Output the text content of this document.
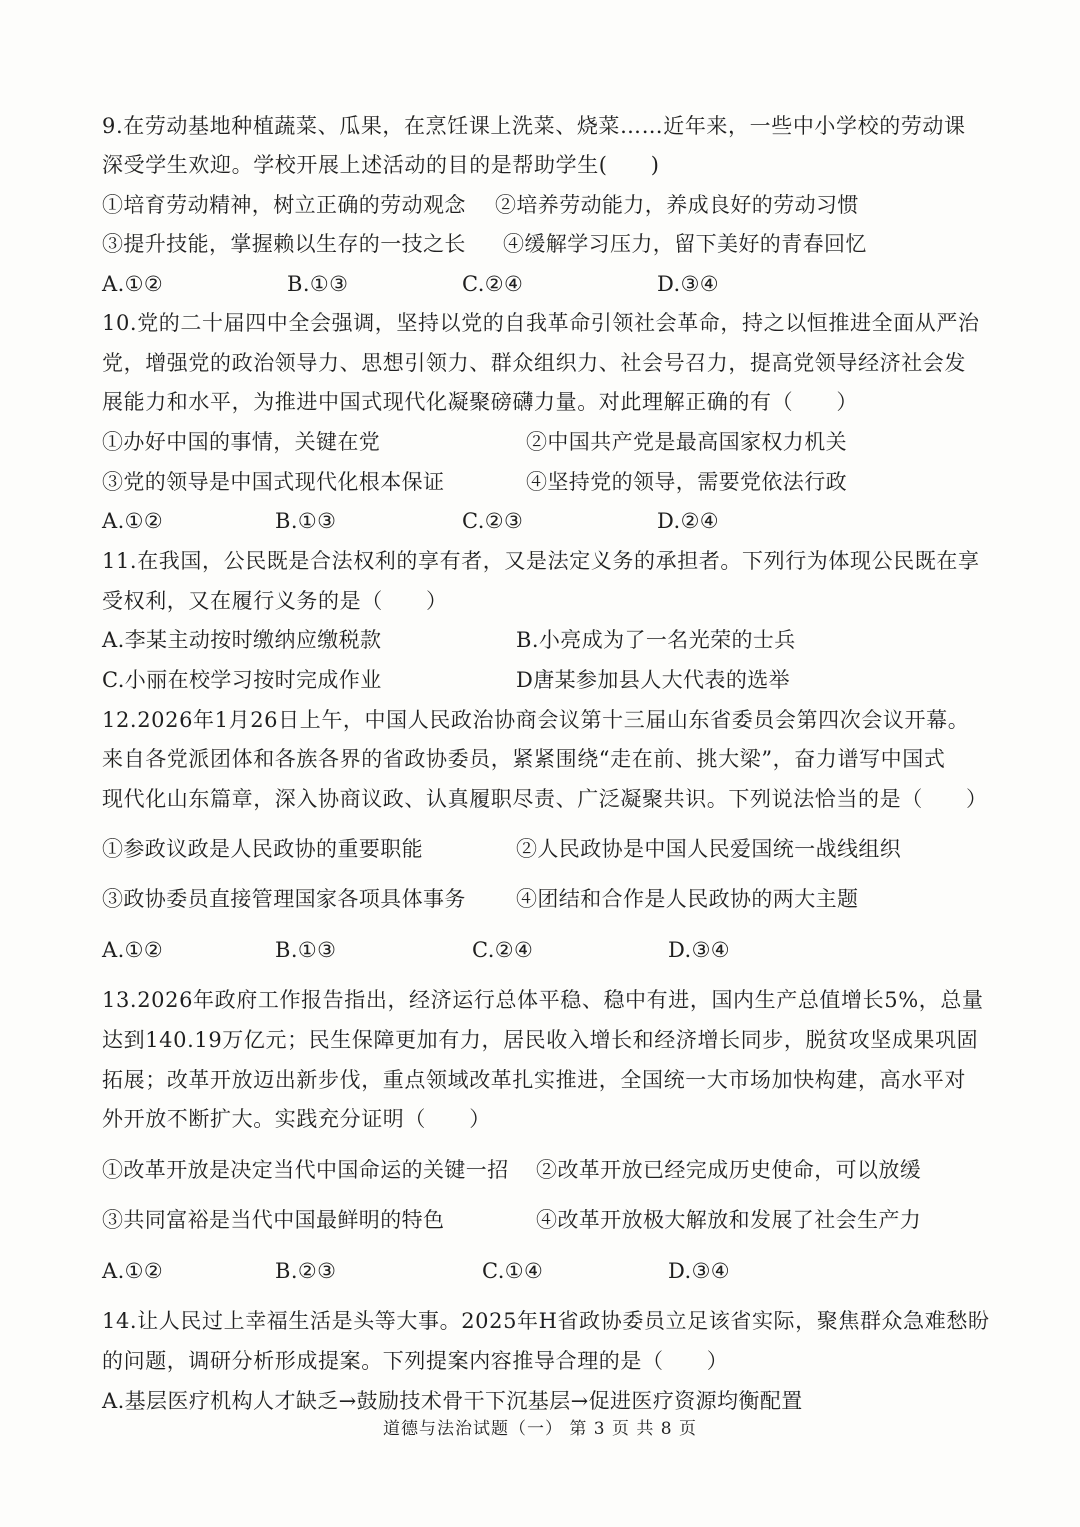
9.在劳动基地种植蔬菜、瓜果，在烹饪课上洗菜、烧菜……近年来，一些中小学校的劳动课
深受学生欢迎。学校开展上述活动的目的是帮助学生(　　)
①培育劳动精神，树立正确的劳动观念 ②培养劳动能力，养成良好的劳动习惯
③提升技能，掌握赖以生存的一技之长 ④缓解学习压力，留下美好的青春回忆
A.①②	B.①③	C.②④	D.③④
10.党的二十届四中全会强调，坚持以党的自我革命引领社会革命，持之以恒推进全面从严治
党，增强党的政治领导力、思想引领力、群众组织力、社会号召力，提高党领导经济社会发
展能力和水平，为推进中国式现代化凝聚磅礴力量。对此理解正确的有（　　）
①办好中国的事情，关键在党	②中国共产党是最高国家权力机关
③党的领导是中国式现代化根本保证	④坚持党的领导，需要党依法行政
A.①②	B.①③	C.②③	D.②④
11.在我国，公民既是合法权利的享有者，又是法定义务的承担者。下列行为体现公民既在享
受权利，又在履行义务的是（　　）
A.李某主动按时缴纳应缴税款	B.小亮成为了一名光荣的士兵
C.小丽在校学习按时完成作业	D唐某参加县人大代表的选举
12.2026年1月26日上午，中国人民政治协商会议第十三届山东省委员会第四次会议开幕。
来自各党派团体和各族各界的省政协委员，紧紧围绕“走在前、挑大梁”，奋力谱写中国式
现代化山东篇章，深入协商议政、认真履职尽责、广泛凝聚共识。下列说法恰当的是（　　）
①参政议政是人民政协的重要职能	②人民政协是中国人民爱国统一战线组织
③政协委员直接管理国家各项具体事务 ④团结和合作是人民政协的两大主题
A.①②	B.①③	C.②④	D.③④
13.2026年政府工作报告指出，经济运行总体平稳、稳中有进，国内生产总值增长5%，总量
达到140.19万亿元；民生保障更加有力，居民收入增长和经济增长同步，脱贫攻坚成果巩固
拓展；改革开放迈出新步伐，重点领域改革扎实推进，全国统一大市场加快构建，高水平对
外开放不断扩大。实践充分证明（　　）
①改革开放是决定当代中国命运的关键一招 ②改革开放已经完成历史使命，可以放缓
③共同富裕是当代中国最鲜明的特色	④改革开放极大解放和发展了社会生产力
A.①②	B.②③	C.①④	D.③④
14.让人民过上幸福生活是头等大事。2025年H省政协委员立足该省实际，聚焦群众急难愁盼
的问题，调研分析形成提案。下列提案内容推导合理的是（　　）
A.基层医疗机构人才缺乏→鼓励技术骨干下沉基层→促进医疗资源均衡配置
道德与法治试题（一） 第 3 页 共 8 页
